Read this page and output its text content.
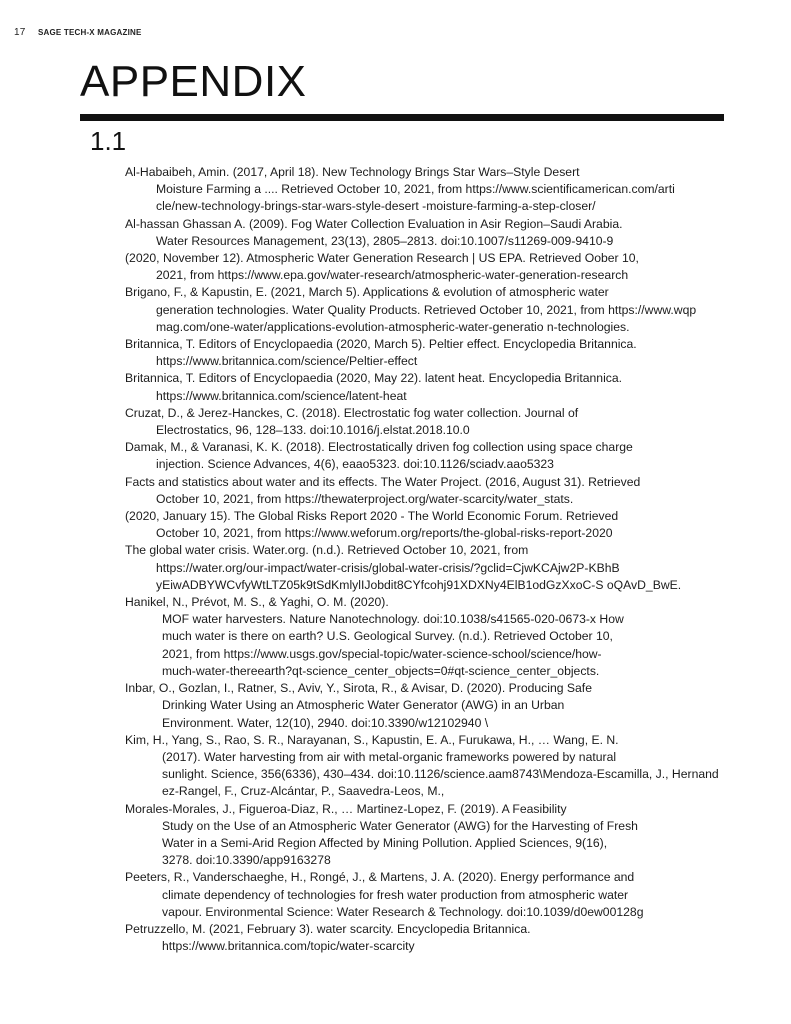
17 SAGE TECH-X MAGAZINE
APPENDIX
1.1
Al-Habaibeh, Amin. (2017, April 18). New Technology Brings Star Wars–Style Desert
Moisture Farming a .... Retrieved October 10, 2021, from https://www.scientificamerican.com/arti
cle/new-technology-brings-star-wars-style-desert -moisture-farming-a-step-closer/
Al-hassan Ghassan A. (2009). Fog Water Collection Evaluation in Asir Region–Saudi Arabia.
Water Resources Management, 23(13), 2805–2813. doi:10.1007/s11269-009-9410-9
(2020, November 12). Atmospheric Water Generation Research | US EPA. Retrieved Oober 10,
2021, from https://www.epa.gov/water-research/atmospheric-water-generation-research
Brigano, F., & Kapustin, E. (2021, March 5). Applications & evolution of atmospheric water
generation technologies. Water Quality Products. Retrieved October 10, 2021, from https://www.wqp
mag.com/one-water/applications-evolution-atmospheric-water-generatio n-technologies.
Britannica, T. Editors of Encyclopaedia (2020, March 5). Peltier effect. Encyclopedia Britannica.
https://www.britannica.com/science/Peltier-effect
Britannica, T. Editors of Encyclopaedia (2020, May 22). latent heat. Encyclopedia Britannica.
https://www.britannica.com/science/latent-heat
Cruzat, D., & Jerez-Hanckes, C. (2018). Electrostatic fog water collection. Journal of
Electrostatics, 96, 128–133. doi:10.1016/j.elstat.2018.10.0
Damak, M., & Varanasi, K. K. (2018). Electrostatically driven fog collection using space charge
injection. Science Advances, 4(6), eaao5323. doi:10.1126/sciadv.aao5323
Facts and statistics about water and its effects. The Water Project. (2016, August 31). Retrieved
October 10, 2021, from https://thewaterproject.org/water-scarcity/water_stats.
(2020, January 15). The Global Risks Report 2020 - The World Economic Forum. Retrieved
October 10, 2021, from https://www.weforum.org/reports/the-global-risks-report-2020
The global water crisis. Water.org. (n.d.). Retrieved October 10, 2021, from
https://water.org/our-impact/water-crisis/global-water-crisis/?gclid=CjwKCAjw2P-KBhB
yEiwADBYWCvfyWtLTZ05k9tSdKmlylIJobdit8CYfcohj91XDXNy4ElB1odGzXxoC-S oQAvD_BwE.
Hanikel, N., Prévot, M. S., & Yaghi, O. M. (2020).
MOF water harvesters. Nature Nanotechnology. doi:10.1038/s41565-020-0673-x How
much water is there on earth? U.S. Geological Survey. (n.d.). Retrieved October 10,
2021, from https://www.usgs.gov/special-topic/water-science-school/science/how-
much-water-thereearth?qt-science_center_objects=0#qt-science_center_objects.
Inbar, O., Gozlan, I., Ratner, S., Aviv, Y., Sirota, R., & Avisar, D. (2020). Producing Safe
Drinking Water Using an Atmospheric Water Generator (AWG) in an Urban
Environment. Water, 12(10), 2940. doi:10.3390/w12102940 \
Kim, H., Yang, S., Rao, S. R., Narayanan, S., Kapustin, E. A., Furukawa, H., … Wang, E. N.
(2017). Water harvesting from air with metal-organic frameworks powered by natural
sunlight. Science, 356(6336), 430–434. doi:10.1126/science.aam8743\Mendoza-Escamilla, J., Hernand
ez-Rangel, F., Cruz-Alcántar, P., Saavedra-Leos, M.,
Morales-Morales, J., Figueroa-Diaz, R., … Martinez-Lopez, F. (2019). A Feasibility
Study on the Use of an Atmospheric Water Generator (AWG) for the Harvesting of Fresh
Water in a Semi-Arid Region Affected by Mining Pollution. Applied Sciences, 9(16),
3278. doi:10.3390/app9163278
Peeters, R., Vanderschaeghe, H., Rongé, J., & Martens, J. A. (2020). Energy performance and
climate dependency of technologies for fresh water production from atmospheric water
vapour. Environmental Science: Water Research & Technology. doi:10.1039/d0ew00128g
Petruzzello, M. (2021, February 3). water scarcity. Encyclopedia Britannica.
https://www.britannica.com/topic/water-scarcity
